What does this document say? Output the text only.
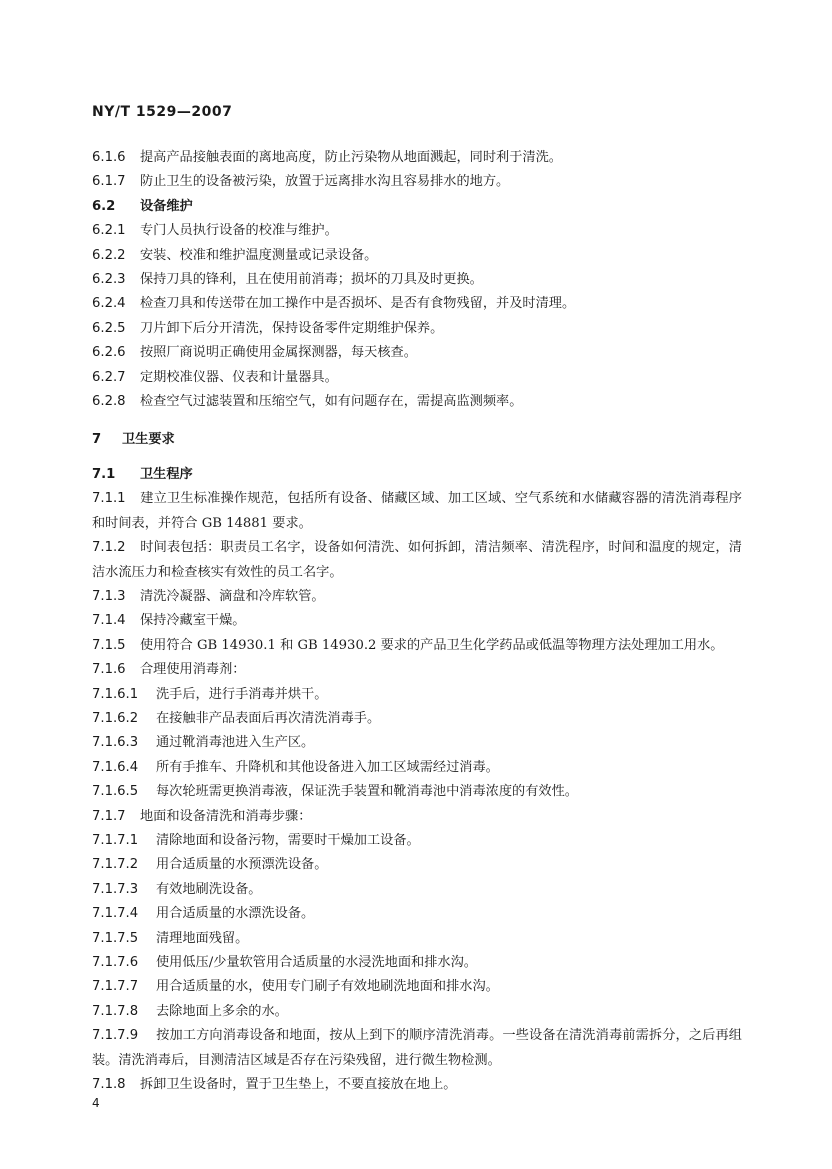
NY/T 1529—2007
6.1.6 提高产品接触表面的离地高度，防止污染物从地面溅起，同时利于清洗。
6.1.7 防止卫生的设备被污染，放置于远离排水沟且容易排水的地方。
6.2 设备维护
6.2.1 专门人员执行设备的校准与维护。
6.2.2 安装、校准和维护温度测量或记录设备。
6.2.3 保持刀具的锋利，且在使用前消毒；损坏的刀具及时更换。
6.2.4 检查刀具和传送带在加工操作中是否损坏、是否有食物残留，并及时清理。
6.2.5 刀片卸下后分开清洗，保持设备零件定期维护保养。
6.2.6 按照厂商说明正确使用金属探测器，每天核查。
6.2.7 定期校准仪器、仪表和计量器具。
6.2.8 检查空气过滤装置和压缩空气，如有问题存在，需提高监测频率。
7 卫生要求
7.1 卫生程序
7.1.1 建立卫生标准操作规范，包括所有设备、储藏区域、加工区域、空气系统和水储藏容器的清洗消毒程序和时间表，并符合 GB 14881 要求。
7.1.2 时间表包括：职责员工名字，设备如何清洗、如何拆卸，清洁频率、清洗程序，时间和温度的规定，清洁水流压力和检查核实有效性的员工名字。
7.1.3 清洗冷凝器、滴盘和冷库软管。
7.1.4 保持冷藏室干燥。
7.1.5 使用符合 GB 14930.1 和 GB 14930.2 要求的产品卫生化学药品或低温等物理方法处理加工用水。
7.1.6 合理使用消毒剂：
7.1.6.1 洗手后，进行手消毒并烘干。
7.1.6.2 在接触非产品表面后再次清洗消毒手。
7.1.6.3 通过靴消毒池进入生产区。
7.1.6.4 所有手推车、升降机和其他设备进入加工区域需经过消毒。
7.1.6.5 每次轮班需更换消毒液，保证洗手装置和靴消毒池中消毒浓度的有效性。
7.1.7 地面和设备清洗和消毒步骤：
7.1.7.1 清除地面和设备污物，需要时干燥加工设备。
7.1.7.2 用合适质量的水预漂洗设备。
7.1.7.3 有效地刷洗设备。
7.1.7.4 用合适质量的水漂洗设备。
7.1.7.5 清理地面残留。
7.1.7.6 使用低压/少量软管用合适质量的水浸洗地面和排水沟。
7.1.7.7 用合适质量的水，使用专门刷子有效地刷洗地面和排水沟。
7.1.7.8 去除地面上多余的水。
7.1.7.9 按加工方向消毒设备和地面，按从上到下的顺序清洗消毒。一些设备在清洗消毒前需拆分，之后再组装。清洗消毒后，目测清洁区域是否存在污染残留，进行微生物检测。
7.1.8 拆卸卫生设备时，置于卫生垫上，不要直接放在地上。
4
